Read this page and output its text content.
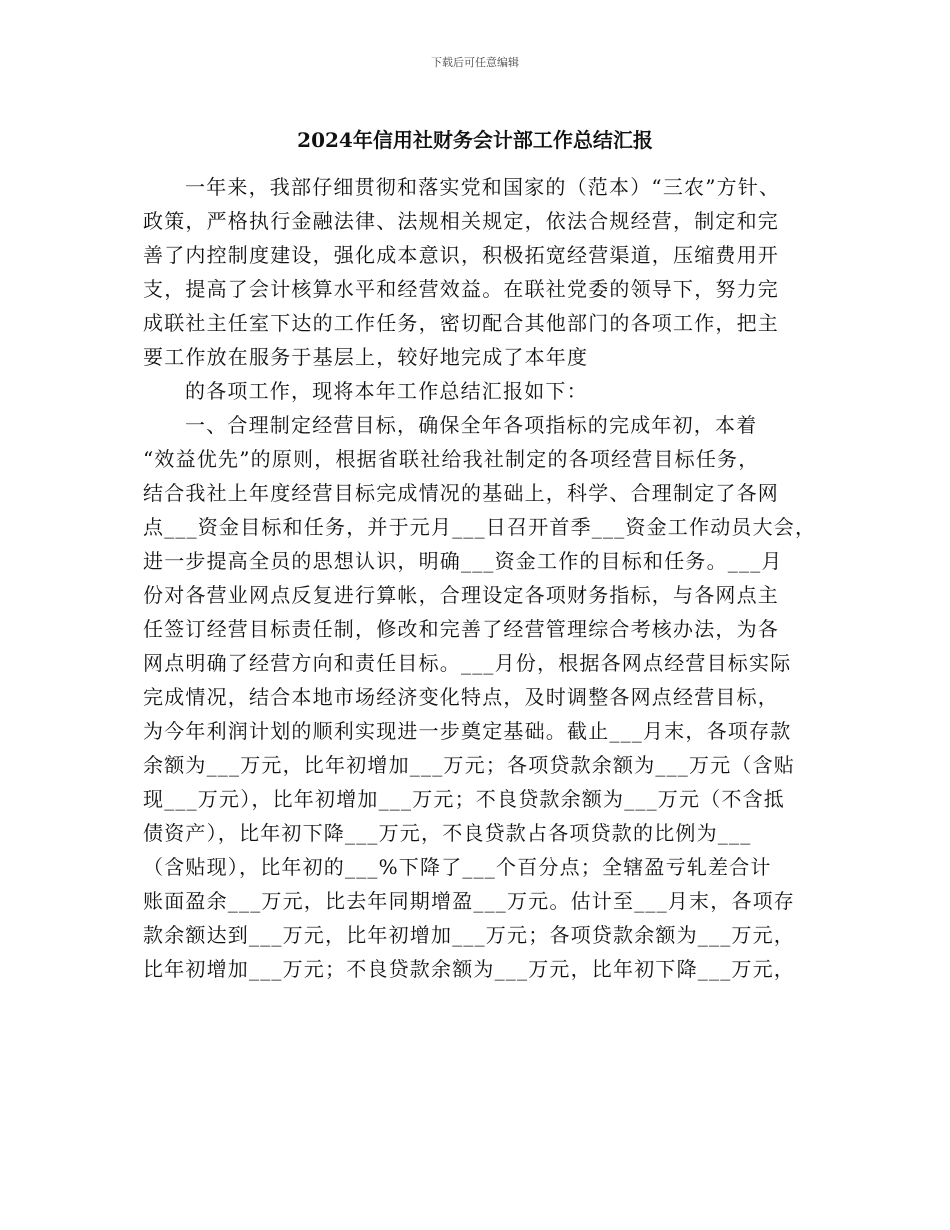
下载后可任意编辑
2024年信用社财务会计部工作总结汇报
一年来，我部仔细贯彻和落实党和国家的（范本）“三农”方针、
政策，严格执行金融法律、法规相关规定，依法合规经营，制定和完
善了内控制度建设，强化成本意识，积极拓宽经营渠道，压缩费用开
支，提高了会计核算水平和经营效益。在联社党委的领导下，努力完
成联社主任室下达的工作任务，密切配合其他部门的各项工作，把主
要工作放在服务于基层上，较好地完成了本年度
的各项工作，现将本年工作总结汇报如下：
一、合理制定经营目标，确保全年各项指标的完成年初，本着
“效益优先”的原则，根据省联社给我社制定的各项经营目标任务，
结合我社上年度经营目标完成情况的基础上，科学、合理制定了各网
点___资金目标和任务，并于元月___日召开首季___资金工作动员大会，
进一步提高全员的思想认识，明确___资金工作的目标和任务。___月
份对各营业网点反复进行算帐，合理设定各项财务指标，与各网点主
任签订经营目标责任制，修改和完善了经营管理综合考核办法，为各
网点明确了经营方向和责任目标。___月份，根据各网点经营目标实际
完成情况，结合本地市场经济变化特点，及时调整各网点经营目标，
为今年利润计划的顺利实现进一步奠定基础。截止___月末，各项存款
余额为___万元，比年初增加___万元；各项贷款余额为___万元（含贴
现___万元），比年初增加___万元；不良贷款余额为___万元（不含抵
债资产），比年初下降___万元，不良贷款占各项贷款的比例为___
（含贴现），比年初的___%下降了___个百分点；全辖盈亏轧差合计
账面盈余___万元，比去年同期增盈___万元。估计至___月末，各项存
款余额达到___万元，比年初增加___万元；各项贷款余额为___万元，
比年初增加___万元；不良贷款余额为___万元，比年初下降___万元，
